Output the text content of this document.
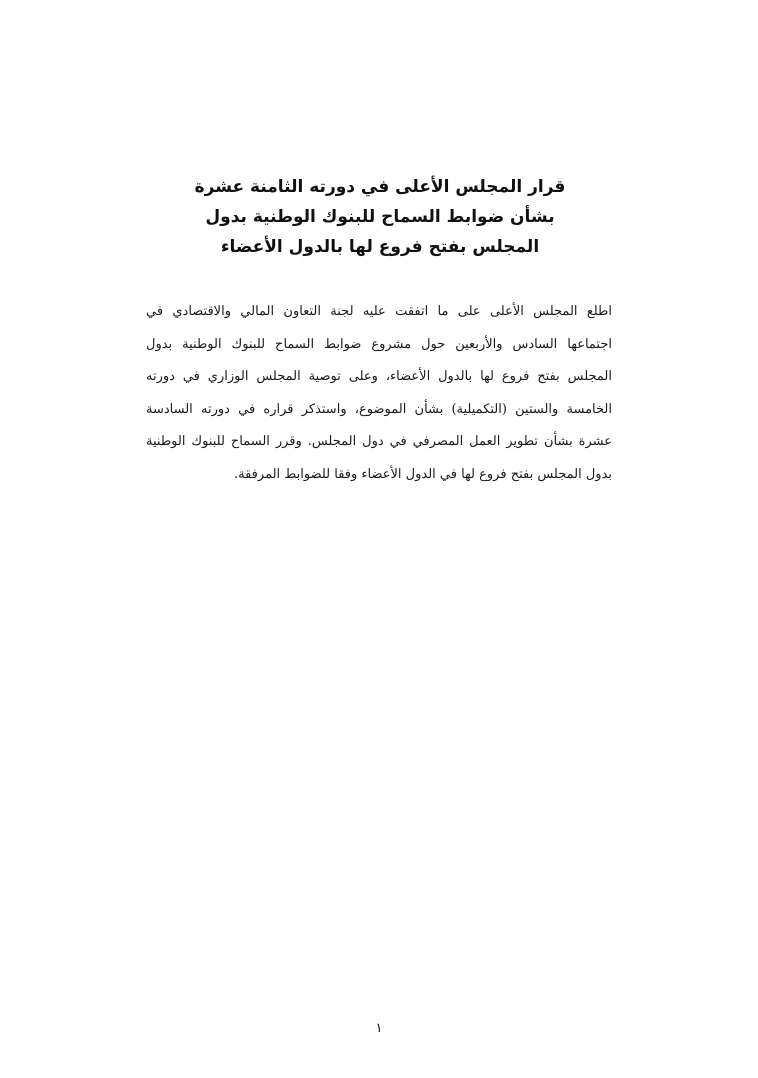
قرار المجلس الأعلى في دورته الثامنة عشرة
بشأن ضوابط السماح للبنوك الوطنية بدول
المجلس بفتح فروع لها بالدول الأعضاء
اطلع المجلس الأعلى على ما اتفقت عليه لجنة التعاون المالي والاقتصادي في
اجتماعها السادس والأربعين حول مشروع ضوابط السماح للبنوك الوطنية بدول
المجلس بفتح فروع لها بالدول الأعضاء، وعلى توصية المجلس الوزاري في دورته
الخامسة والستين (التكميلية) بشأن الموضوع، واستذكر قراره في دورته السادسة
عشرة بشأن تطوير العمل المصرفي في دول المجلس. وقرر السماح للبنوك الوطنية
بدول المجلس بفتح فروع لها في الدول الأعضاء وفقا للضوابط المرفقة.
١
